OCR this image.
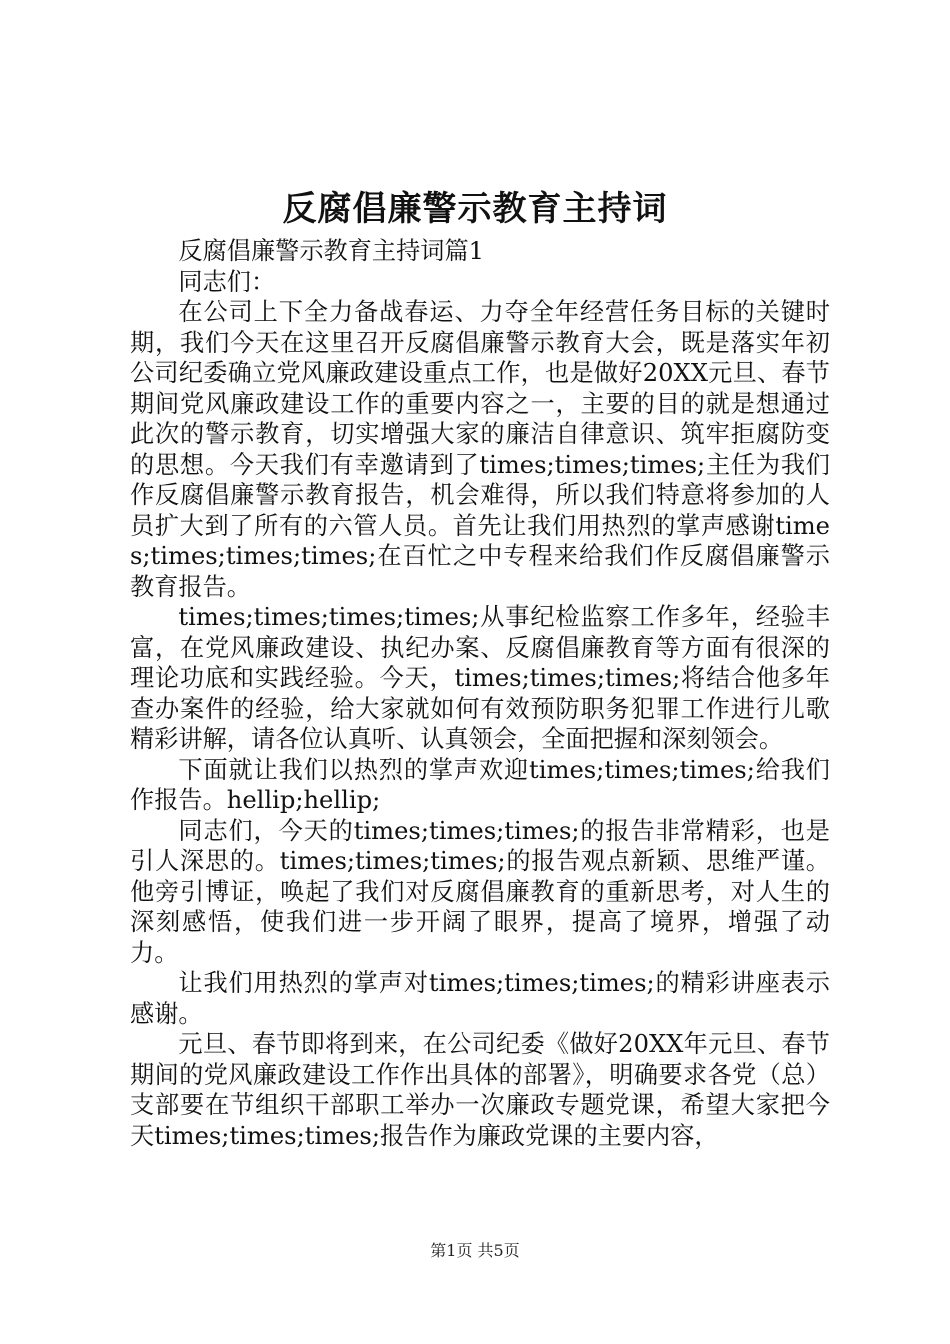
反腐倡廉警示教育主持词

反腐倡廉警示教育主持词篇1

同志们：

在公司上下全力备战春运、力夺全年经营任务目标的关键时期，我们今天在这里召开反腐倡廉警示教育大会，既是落实年初公司纪委确立党风廉政建设重点工作，也是做好20XX元旦、春节期间党风廉政建设工作的重要内容之一，主要的目的就是想通过此次的警示教育，切实增强大家的廉洁自律意识、筑牢拒腐防变的思想。今天我们有幸邀请到了times;times;times;主任为我们作反腐倡廉警示教育报告，机会难得，所以我们特意将参加的人员扩大到了所有的六管人员。首先让我们用热烈的掌声感谢times;times;times;times;在百忙之中专程来给我们作反腐倡廉警示教育报告。

times;times;times;times;从事纪检监察工作多年，经验丰富，在党风廉政建设、执纪办案、反腐倡廉教育等方面有很深的理论功底和实践经验。今天，times;times;times;将结合他多年查办案件的经验，给大家就如何有效预防职务犯罪工作进行儿歌精彩讲解，请各位认真听、认真领会，全面把握和深刻领会。

下面就让我们以热烈的掌声欢迎times;times;times;给我们作报告。hellip;hellip;

同志们，今天的times;times;times;的报告非常精彩，也是引人深思的。times;times;times;的报告观点新颖、思维严谨。他旁引博证，唤起了我们对反腐倡廉教育的重新思考，对人生的深刻感悟，使我们进一步开阔了眼界，提高了境界，增强了动力。

让我们用热烈的掌声对times;times;times;的精彩讲座表示感谢。

元旦、春节即将到来，在公司纪委《做好20XX年元旦、春节期间的党风廉政建设工作作出具体的部署》，明确要求各党（总）支部要在节组织干部职工举办一次廉政专题党课，希望大家把今天times;times;times;报告作为廉政党课的主要内容，

第1页 共5页
